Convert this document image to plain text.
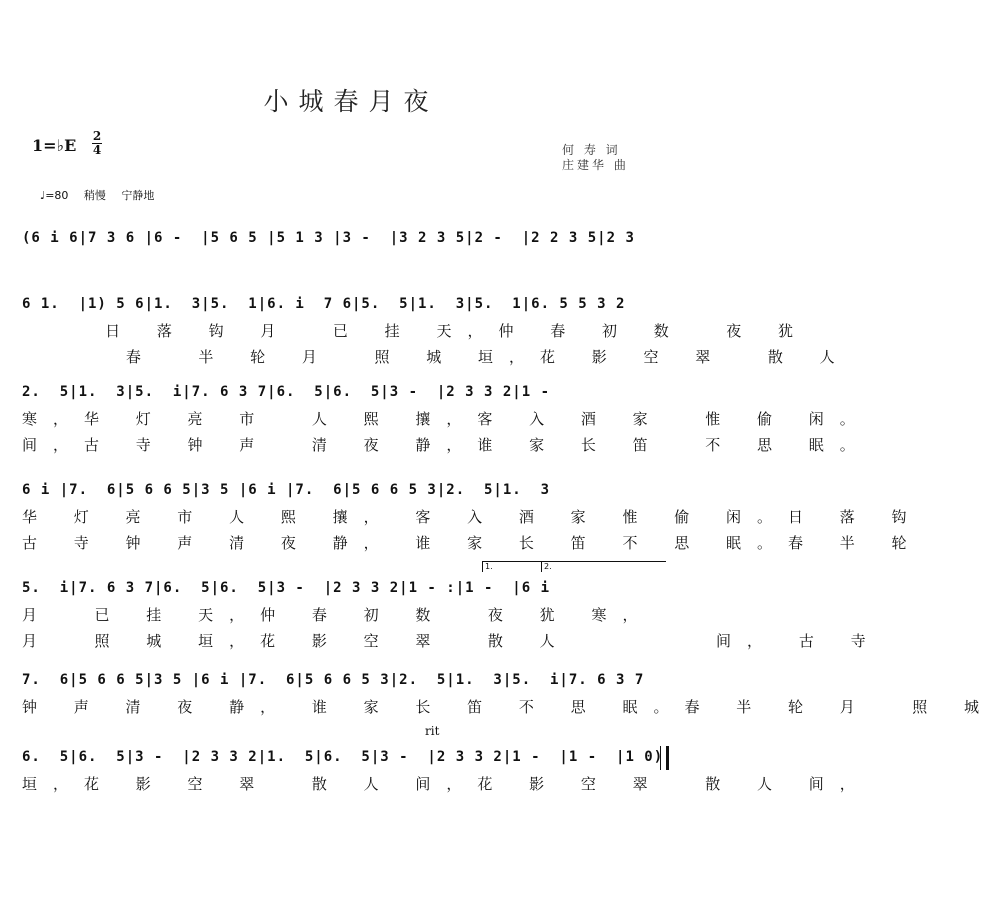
小城春月夜
1=♭E 2
4	何 寿 词
庄建华 曲
♩=80 稍慢 宁静地
(6 i 6|7 3 6 |6 -  |5 6 5 |5 1 3 |3 -  |3 2 3 5|2 -  |2 2 3 5|2 3
6 1.  |1) 5 6|1.  3|5.  1|6. i  7 6|5.  5|1.  3|5.  1|6. 5 5 3 2
日 落 钩 月  已 挂 天，仲 春 初 数  夜 犹
春  半 轮 月  照 城 垣，花 影 空 翠  散 人
2.  5|1.  3|5.  i|7. 6 3 7|6.  5|6.  5|3 -  |2 3 3 2|1 -
寒，华 灯 亮 市  人 熙 攘，客 入 酒 家  惟 偷 闲。
间，古 寺 钟 声  清 夜 静，谁 家 长 笛  不 思 眠。
6 i |7.  6|5 6 6 5|3 5 |6 i |7.  6|5 6 6 5 3|2.  5|1.  3
华 灯 亮 市 人 熙 攘， 客 入 酒 家 惟 偷 闲。日 落 钩
古 寺 钟 声 清 夜 静， 谁 家 长 笛 不 思 眠。春 半 轮
1.	2.
5.  i|7. 6 3 7|6.  5|6.  5|3 -  |2 3 3 2|1 - :|1 -  |6 i
月  已 挂 天，仲 春 初 数  夜 犹 寒，
月  照 城 垣，花 影 空 翠  散 人       间， 古 寺
7.  6|5 6 6 5|3 5 |6 i |7.  6|5 6 6 5 3|2.  5|1.  3|5.  i|7. 6 3 7
钟 声 清 夜 静， 谁 家 长 笛 不 思 眠。春 半 轮 月  照 城
rit
6.  5|6.  5|3 -  |2 3 3 2|1.  5|6.  5|3 -  |2 3 3 2|1 -  |1 -  |1 0)
垣，花 影 空 翠  散 人 间，花 影 空 翠  散 人 间，
